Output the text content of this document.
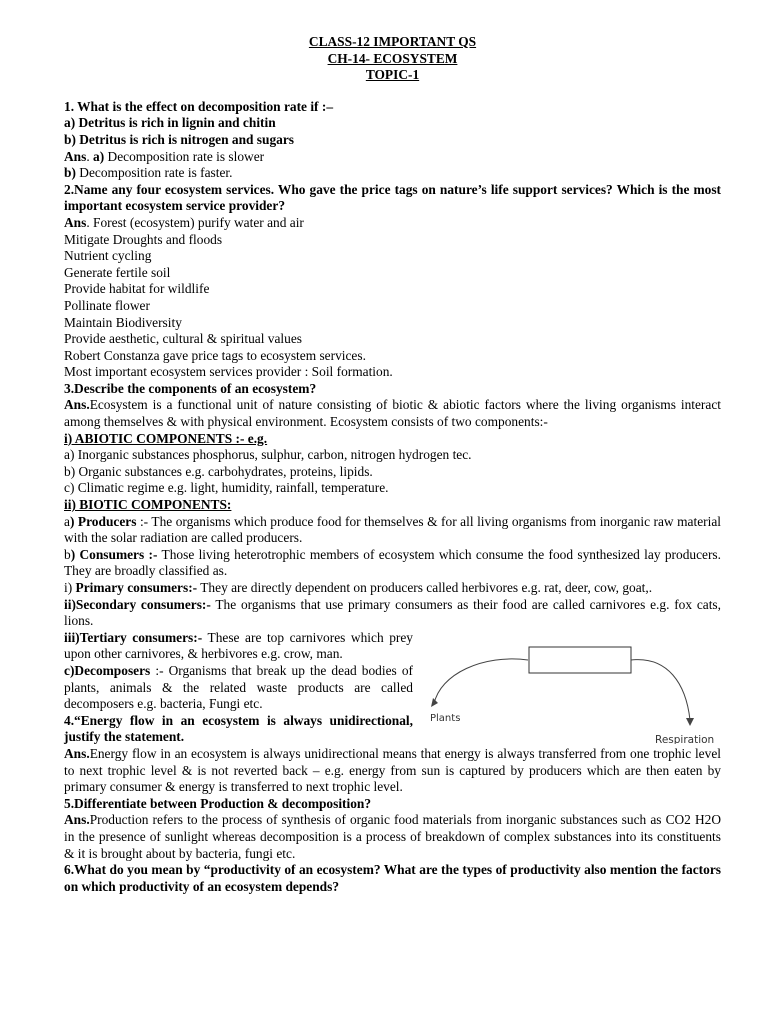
CLASS-12 IMPORTANT QS

CH-14- ECOSYSTEM

TOPIC-1

1. What is the effect on decomposition rate if :–

a) Detritus is rich in lignin and chitin

b) Detritus is rich is nitrogen and sugars

Ans. a) Decomposition rate is slower

b) Decomposition rate is faster.

2.Name any four ecosystem services. Who gave the price tags on nature’s life support services? Which is the most important ecosystem service provider?

Ans. Forest (ecosystem) purify water and air

Mitigate Droughts and floods

Nutrient cycling

Generate fertile soil

Provide habitat for wildlife

Pollinate flower

Maintain Biodiversity

Provide aesthetic, cultural & spiritual values

Robert Constanza gave price tags to ecosystem services.

Most important ecosystem services provider : Soil formation.

3.Describe the components of an ecosystem?

Ans.Ecosystem is a functional unit of nature consisting of biotic & abiotic factors where the living organisms interact among themselves & with physical environment. Ecosystem consists of two components:-

i) ABIOTIC COMPONENTS :- e.g.

a) Inorganic substances phosphorus, sulphur, carbon, nitrogen hydrogen tec.

b) Organic substances e.g. carbohydrates, proteins, lipids.

c) Climatic regime e.g. light, humidity, rainfall, temperature.

ii) BIOTIC COMPONENTS:

a) Producers :- The organisms which produce food for themselves & for all living organisms from inorganic raw material with the solar radiation are called producers.

b) Consumers :- Those living heterotrophic members of ecosystem which consume the food synthesized lay producers. They are broadly classified as.

i) Primary consumers:- They are directly dependent on producers called herbivores e.g. rat, deer, cow, goat,.

ii)Secondary consumers:- The organisms that use primary consumers as their food are called carnivores e.g. fox cats, lions.

iii)Tertiary consumers:- These are top carnivores which prey upon other carnivores, & herbivores e.g. crow, man.

c)Decomposers :- Organisms that break up the dead bodies of plants, animals & the related waste products are called decomposers e.g. bacteria, Fungi etc.

4.“Energy flow in an ecosystem is always unidirectional, justify the statement.

Plants
Respiration

Ans.Energy flow in an ecosystem is always unidirectional means that energy is always transferred from one trophic level to next trophic level & is not reverted back – e.g. energy from sun is captured by producers which are then eaten by primary consumer & energy is transferred to next trophic level.

5.Differentiate between Production & decomposition?

Ans.Production refers to the process of synthesis of organic food materials from inorganic substances such as CO2 H2O in the presence of sunlight whereas decomposition is a process of breakdown of complex substances into its constituents & it is brought about by bacteria, fungi etc.

6.What do you mean by “productivity of an ecosystem? What are the types of productivity also mention the factors on which productivity of an ecosystem depends?
